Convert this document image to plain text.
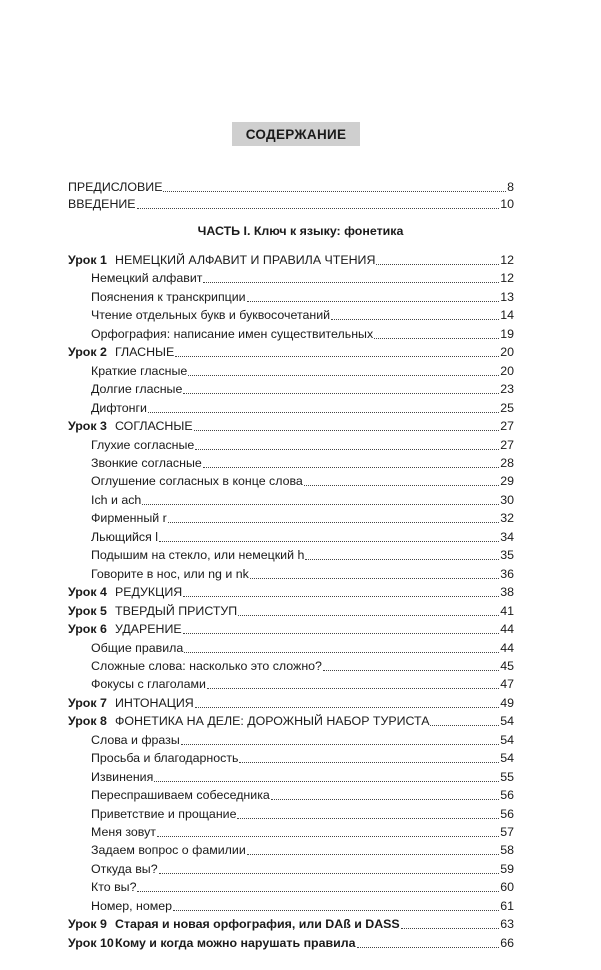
СОДЕРЖАНИЕ
ПРЕДИСЛОВИЕ	8
ВВЕДЕНИЕ	10
Урок 1 НЕМЕЦКИЙ АЛФАВИТ И ПРАВИЛА ЧТЕНИЯ	12
Немецкий алфавит	12
Пояснения к транскрипции	13
Чтение отдельных букв и буквосочетаний	14
Орфография: написание имен существительных	19
Урок 2 ГЛАСНЫЕ	20
Краткие гласные	20
Долгие гласные	23
Дифтонги	25
Урок 3 СОГЛАСНЫЕ	27
Глухие согласные	27
Звонкие согласные	28
Оглушение согласных в конце слова	29
Ich и ach	30
Фирменный r	32
Льющийся l	34
Подышим на стекло, или немецкий h	35
Говорите в нос, или ng и nk	36
Урок 4 РЕДУКЦИЯ	38
Урок 5 ТВЕРДЫЙ ПРИСТУП	41
Урок 6 УДАРЕНИЕ	44
Общие правила	44
Сложные слова: насколько это сложно?	45
Фокусы с глаголами	47
Урок 7 ИНТОНАЦИЯ	49
Урок 8 ФОНЕТИКА НА ДЕЛЕ: ДОРОЖНЫЙ НАБОР ТУРИСТА	54
Слова и фразы	54
Просьба и благодарность	54
Извинения	55
Переспрашиваем собеседника	56
Приветствие и прощание	56
Меня зовут	57
Задаем вопрос о фамилии	58
Откуда вы?	59
Кто вы?	60
Номер, номер	61
Урок 9 Старая и новая орфография, или DAß и DASS	63
Урок 10 Кому и когда можно нарушать правила	66
ЧАСТЬ I. Ключ к языку: фонетика
